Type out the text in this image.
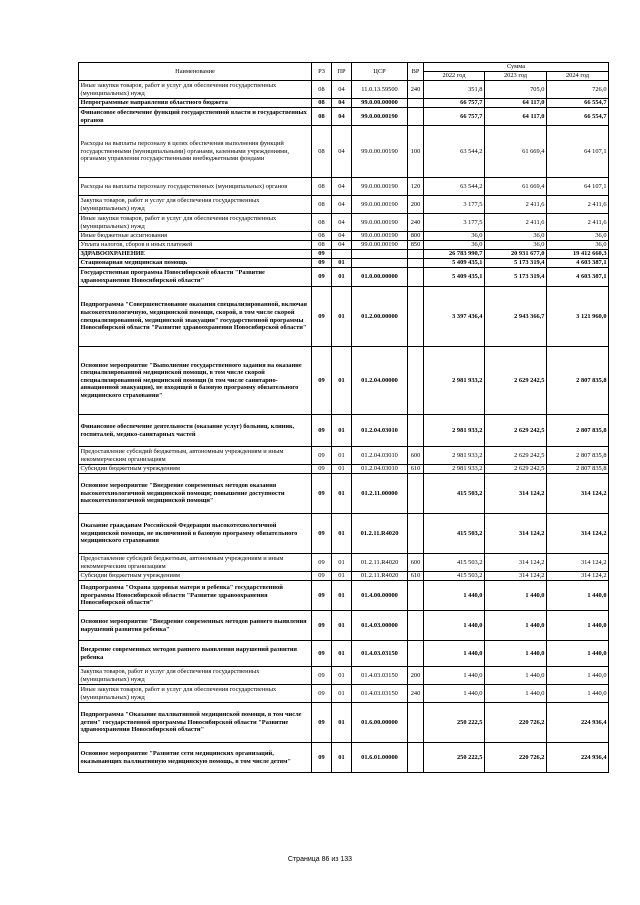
Наименование	РЗ	ПР	ЦСР	ВР	Сумма		
					2022 год	2023 год	2024 год
Иные закупки товаров, работ и услуг для обеспечения государственных (муниципальных) нужд	08	04	11.0.13.59500	240	351,8	705,0	726,0
Непрограммные направления областного бюджета	08	04	99.0.00.00000		66 757,7	64 117,0	66 554,7
Финансовое обеспечение функций государственной власти и государственных органов	08	04	99.0.00.00190		66 757,7	64 117,0	66 554,7
Расходы на выплаты персоналу в целях обеспечения выполнения функций государственными (муниципальными) органами, казенными учреждениями, органами управления государственными внебюджетными фондами	08	04	99.0.00.00190	100	63 544,2	61 669,4	64 107,1
Расходы на выплаты персоналу государственных (муниципальных) органов	08	04	99.0.00.00190	120	63 544,2	61 669,4	64 107,1
Закупка товаров, работ и услуг для обеспечения государственных (муниципальных) нужд	08	04	99.0.00.00190	200	3 177,5	2 411,6	2 411,6
Иные закупки товаров, работ и услуг для обеспечения государственных (муниципальных) нужд	08	04	99.0.00.00190	240	3 177,5	2 411,6	2 411,6
Иные бюджетные ассигнования	08	04	99.0.00.00190	800	36,0	36,0	36,0
Уплата налогов, сборов и иных платежей	08	04	99.0.00.00190	850	36,0	36,0	36,0
ЗДРАВООХРАНЕНИЕ	09				26 783 990,7	20 931 677,0	19 412 660,3
Стационарная медицинская помощь	09	01			5 409 435,1	5 173 319,4	4 603 387,1
Государственная программа Новосибирской области "Развитие здравоохранения Новосибирской области"	09	01	01.0.00.00000		5 409 435,1	5 173 319,4	4 603 387,1
Подпрограмма "Совершенствование оказания специализированной, включая высокотехнологичную, медицинской помощи, скорой, в том числе скорой специализированной, медицинской эвакуации" государственной программы Новосибирской области "Развитие здравоохранения Новосибирской области"	09	01	01.2.00.00000		3 397 436,4	2 943 366,7	3 121 960,0
Основное мероприятие "Выполнение государственного задания на оказание специализированной медицинской помощи, в том числе скорой специализированной медицинской помощи (в том числе санитарно-авиационной эвакуации), не входящей в базовую программу обязательного медицинского страхования"	09	01	01.2.04.00000		2 981 933,2	2 629 242,5	2 807 835,8
Финансовое обеспечение деятельности (оказание услуг) больниц, клиник, госпиталей, медико-санитарных частей	09	01	01.2.04.03010		2 981 933,2	2 629 242,5	2 807 835,8
Предоставление субсидий бюджетным, автономным учреждениям и иным некоммерческим организациям	09	01	01.2.04.03010	600	2 981 933,2	2 629 242,5	2 807 835,8
Субсидии бюджетным учреждениям	09	01	01.2.04.03010	610	2 981 933,2	2 629 242,5	2 807 835,8
Основное мероприятие "Внедрение современных методов оказания высокотехнологичной медицинской помощи; повышение доступности высокотехнологичной медицинской помощи"	09	01	01.2.11.00000		415 503,2	314 124,2	314 124,2
Оказание гражданам Российской Федерации высокотехнологичной медицинской помощи, не включенной в базовую программу обязательного медицинского страхования	09	01	01.2.11.R4020		415 503,2	314 124,2	314 124,2
Предоставление субсидий бюджетным, автономным учреждениям и иным некоммерческим организациям	09	01	01.2.11.R4020	600	415 503,2	314 124,2	314 124,2
Субсидии бюджетным учреждениям	09	01	01.2.11.R4020	610	415 503,2	314 124,2	314 124,2
Подпрограмма "Охрана здоровья матери и ребенка" государственной программы Новосибирской области "Развитие здравоохранения Новосибирской области"	09	01	01.4.00.00000		1 440,0	1 440,0	1 440,0
Основное мероприятие "Внедрение современных методов раннего выявления нарушений развития ребенка"	09	01	01.4.03.00000		1 440,0	1 440,0	1 440,0
Внедрение современных методов раннего выявления нарушений развития ребенка	09	01	01.4.03.03150		1 440,0	1 440,0	1 440,0
Закупка товаров, работ и услуг для обеспечения государственных (муниципальных) нужд	09	01	01.4.03.03150	200	1 440,0	1 440,0	1 440,0
Иные закупки товаров, работ и услуг для обеспечения государственных (муниципальных) нужд	09	01	01.4.03.03150	240	1 440,0	1 440,0	1 440,0
Подпрограмма "Оказание паллиативной медицинской помощи, в том числе детям" государственной программы Новосибирской области "Развитие здравоохранения Новосибирской области"	09	01	01.6.00.00000		250 222,5	220 726,2	224 936,4
Основное мероприятие "Развитие сети медицинских организаций, оказывающих паллиативную медицинскую помощь, в том числе детям"	09	01	01.6.01.00000		250 222,5	220 726,2	224 936,4
Страница 86 из 133
